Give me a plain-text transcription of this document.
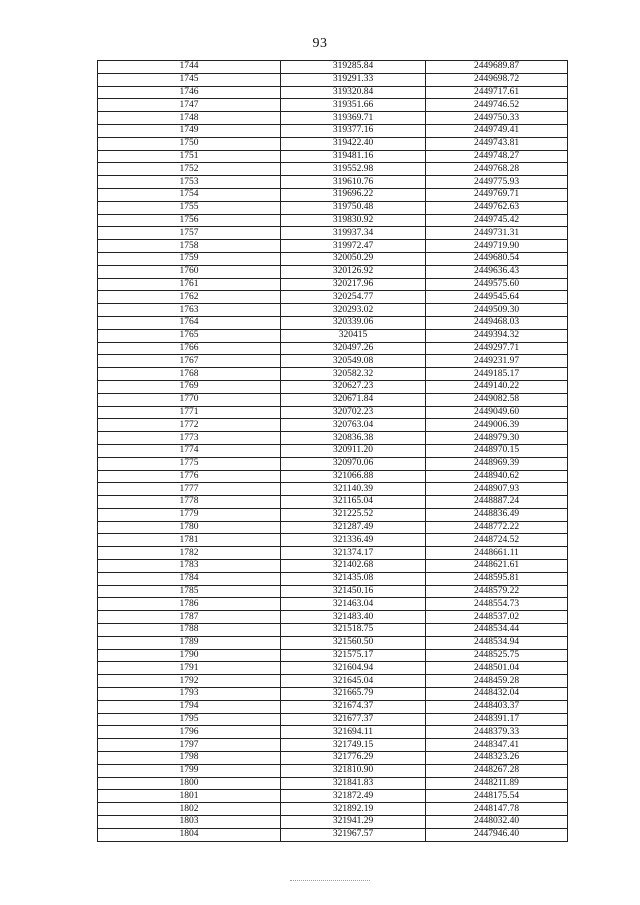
93
1744	319285.84	2449689.87
1745	319291.33	2449698.72
1746	319320.84	2449717.61
1747	319351.66	2449746.52
1748	319369.71	2449750.33
1749	319377.16	2449749.41
1750	319422.40	2449743.81
1751	319481.16	2449748.27
1752	319552.98	2449768.28
1753	319610.76	2449775.93
1754	319696.22	2449769.71
1755	319750.48	2449762.63
1756	319830.92	2449745.42
1757	319937.34	2449731.31
1758	319972.47	2449719.90
1759	320050.29	2449680.54
1760	320126.92	2449636.43
1761	320217.96	2449575.60
1762	320254.77	2449545.64
1763	320293.02	2449509.30
1764	320339.06	2449468.03
1765	320415	2449394.32
1766	320497.26	2449297.71
1767	320549.08	2449231.97
1768	320582.32	2449185.17
1769	320627.23	2449140.22
1770	320671.84	2449082.58
1771	320702.23	2449049.60
1772	320763.04	2449006.39
1773	320836.38	2448979.30
1774	320911.20	2448970.15
1775	320970.06	2448969.39
1776	321066.88	2448940.62
1777	321140.39	2448907.93
1778	321165.04	2448887.24
1779	321225.52	2448836.49
1780	321287.49	2448772.22
1781	321336.49	2448724.52
1782	321374.17	2448661.11
1783	321402.68	2448621.61
1784	321435.08	2448595.81
1785	321450.16	2448579.22
1786	321463.04	2448554.73
1787	321483.40	2448537.02
1788	321518.75	2448534.44
1789	321560.50	2448534.94
1790	321575.17	2448525.75
1791	321604.94	2448501.04
1792	321645.04	2448459.28
1793	321665.79	2448432.04
1794	321674.37	2448403.37
1795	321677.37	2448391.17
1796	321694.11	2448379.33
1797	321749.15	2448347.41
1798	321776.29	2448323.26
1799	321810.90	2448267.28
1800	321841.83	2448211.89
1801	321872.49	2448175.54
1802	321892.19	2448147.78
1803	321941.29	2448032.40
1804	321967.57	2447946.40
